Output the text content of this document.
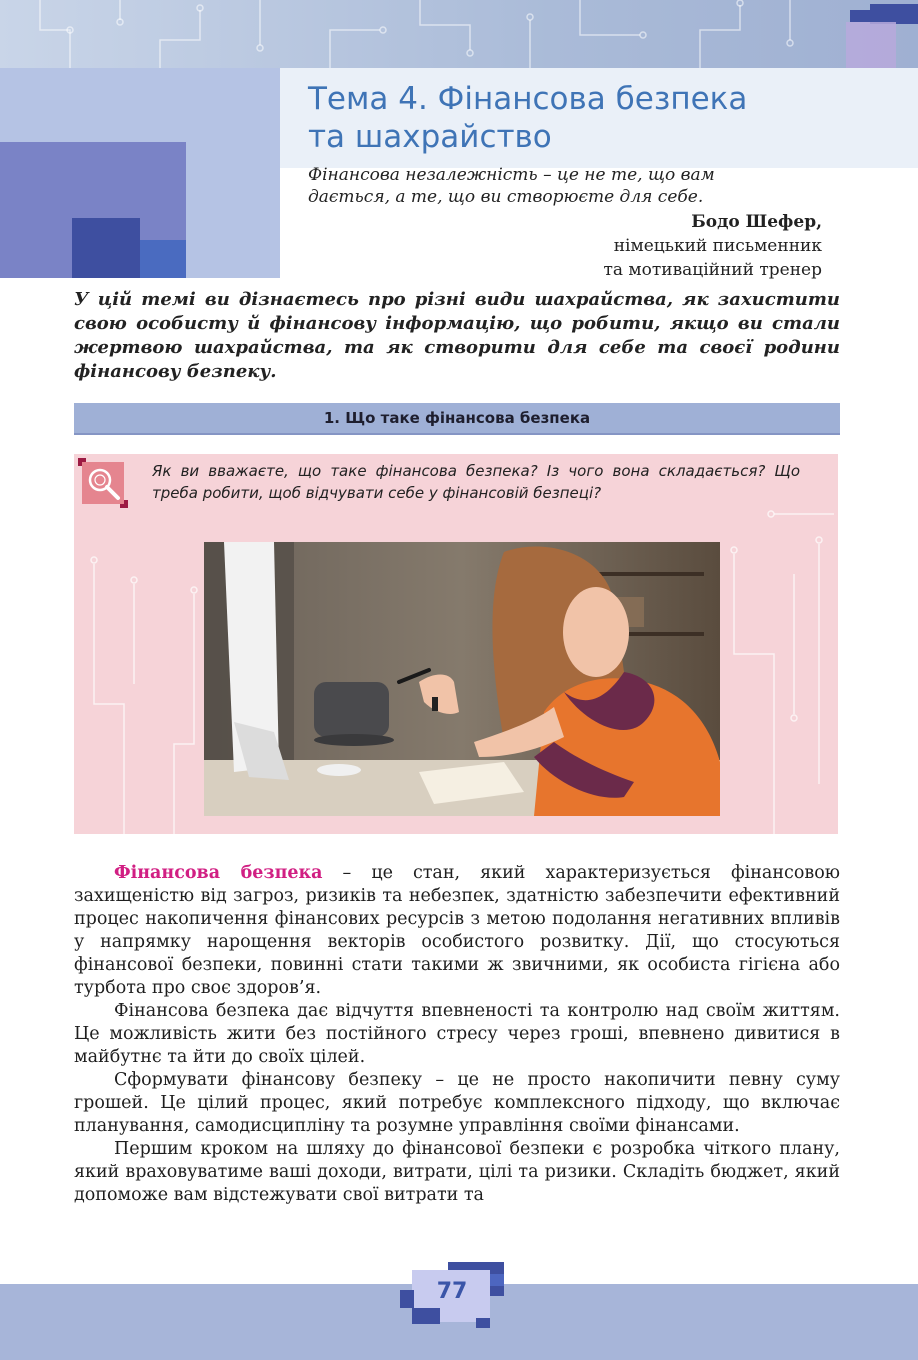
Тема 4. Фінансова безпека
та шахрайство
Фінансова незалежність – це не те, що вам
дається, а те, що ви створюєте для себе.
Бодо Шефер,
німецький письменник
та мотиваційний тренер

У цій темі ви дізнаєтесь про різні види шахрайства, як захистити свою особисту й фінансову інформацію, що робити, якщо ви стали жертвою шахрайства, та як створити для себе та своєї родини фінансову безпеку.

1. Що таке фінансова безпека

Як ви вважаєте, що таке фінансова безпека? Із чого вона складається? Що треба робити, щоб відчувати себе у фінансовій безпеці?

Фінансова безпека – це стан, який характеризується фінансовою захищеністю від загроз, ризиків та небезпек, здатністю забезпечити ефективний процес накопичення фінансових ресурсів з метою подолання негативних впливів у напрямку нарощення векторів особистого розвитку. Дії, що стосуються фінансової безпеки, повинні стати такими ж звичними, як особиста гігієна або турбота про своє здоров’я.

Фінансова безпека дає відчуття впевненості та контролю над своїм життям. Це можливість жити без постійного стресу через гроші, впевнено дивитися в майбутнє та йти до своїх цілей.

Сформувати фінансову безпеку – це не просто накопичити певну суму грошей. Це цілий процес, який потребує комплексного підходу, що включає планування, самодисципліну та розумне управління своїми фінансами.

Першим кроком на шляху до фінансової безпеки є розробка чіткого плану, який враховуватиме ваші доходи, витрати, цілі та ризики. Складіть бюджет, який допоможе вам відстежувати свої витрати та

77
